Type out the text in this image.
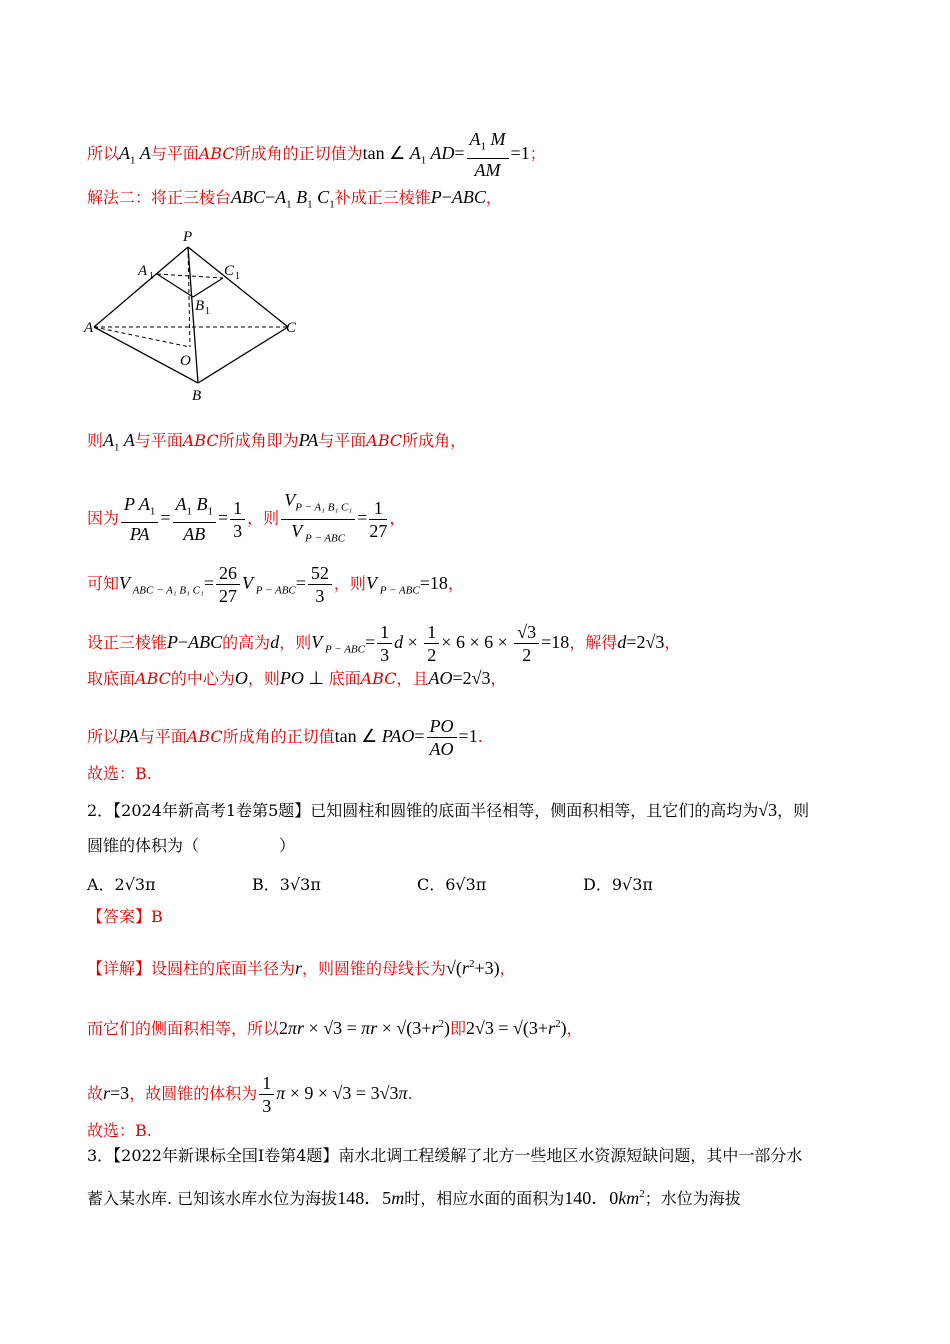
所以$A_1$ A与平面ABC所成角的正切值为tan ∠ $A_1$ $AD= \frac{A_1 M}{AM} =1$；
解法二：将正三棱台$ABC-A_1$ $B_1$ $C_1$补成正三棱锥P−ABC，
P
A 1	C 1
B 1
A	C
O
B
则$A_1$ A与平面ABC所成角即为PA与平面ABC所成角，
因为 $\frac{P A_1}{PA} = \frac{A_1 B_1}{AB} = \frac{1}{3}$ ，则 $\frac{V_{P - A_1 B_1 C_1}}{V _{P - ABC}} = \frac{1}{27}$ ，
可知V $_{ABC - A_1 B_1 C_1}= \frac{26}{27}$ V $_{P - ABC}= \frac{52}{3}$ ，则V $_{P - ABC}$=18，
设正三棱锥P−ABC的高为d，则V $_{P - ABC}= \frac{1}{3}$ $d \times \frac{1}{2} \times 6 \times 6 \times \frac{√3}{2} =18$，解得d=2√3，
取底面ABC的中心为O，则PO ⊥ 底面ABC，且AO=2√3，
所以PA与平面ABC所成角的正切值tan ∠ $PAO= \frac{PO}{AO} =1$.
故选：B.
2．【2024年新高考1卷第5题】已知圆柱和圆锥的底面半径相等，侧面积相等，且它们的高均为√3，则
圆锥的体积为（　　　　　）
A．2√3π	B．3√3π	C．6√3π	D．9√3π
【答案】B
【详解】设圆柱的底面半径为r，则圆锥的母线长为$√(r^2+3)$，
而它们的侧面积相等，所以$2\pi r \times √3 = \pi r \times √(3+r^2)$即$2√3 = √(3+r^2)$，
故r=3，故圆锥的体积为 $\frac{1}{3}$ π × 9 × √3 = 3√3π.
故选：B.
3．【2022年新课标全国Ⅰ卷第4题】南水北调工程缓解了北方一些地区水资源短缺问题，其中一部分水
蓄入某水库. 已知该水库水位为海拔148．5m时，相应水面的面积为140．$0km^2$；水位为海拔
